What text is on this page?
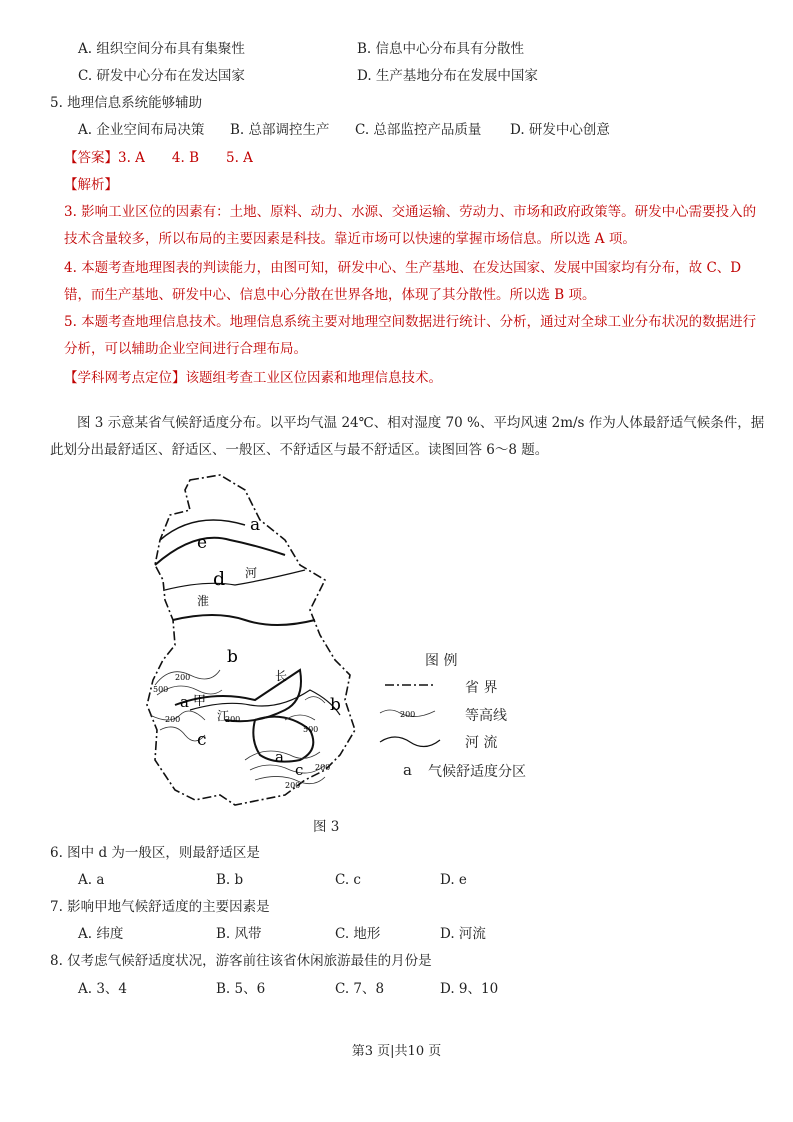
A. 组织空间分布具有集聚性	B. 信息中心分布具有分散性
C. 研发中心分布在发达国家	D. 生产基地分布在发展中国家
5. 地理信息系统能够辅助
A. 企业空间布局决策 B. 总部调控生产 C. 总部监控产品质量 D. 研发中心创意
【答案】3. A　　4. B　　5. A
【解析】
3. 影响工业区位的因素有：土地、原料、动力、水源、交通运输、劳动力、市场和政府政策等。研发中心需要投入的技术含量较多，所以布局的主要因素是科技。靠近市场可以快速的掌握市场信息。所以选 A 项。
4. 本题考查地理图表的判读能力，由图可知，研发中心、生产基地、在发达国家、发展中国家均有分布，故 C、D 错，而生产基地、研发中心、信息中心分散在世界各地，体现了其分散性。所以选 B 项。
5. 本题考查地理信息技术。地理信息系统主要对地理空间数据进行统计、分析，通过对全球工业分布状况的数据进行分析，可以辅助企业空间进行合理布局。
【学科网考点定位】该题组考查工业区位因素和地理信息技术。
图 3 示意某省气候舒适度分布。以平均气温 24℃、相对湿度 70 %、平均风速 2m/s 作为人体最舒适气候条件，据此划分出最舒适区、舒适区、一般区、不舒适区与最不舒适区。读图回答 6～8 题。
a
e
d
b
a 甲
c
b
a
c
河
淮
长
江
200
500
200	200
500
200
200
200
图 例
省 界
等高线
河 流
a 气候舒适度分区
图 3
6. 图中 d 为一般区，则最舒适区是
A. a	B. b	C. c	D. e
7. 影响甲地气候舒适度的主要因素是
A. 纬度	B. 风带	C. 地形	D. 河流
8. 仅考虑气候舒适度状况，游客前往该省休闲旅游最佳的月份是
A. 3、4	B. 5、6	C. 7、8	D. 9、10
第3 页|共10 页
